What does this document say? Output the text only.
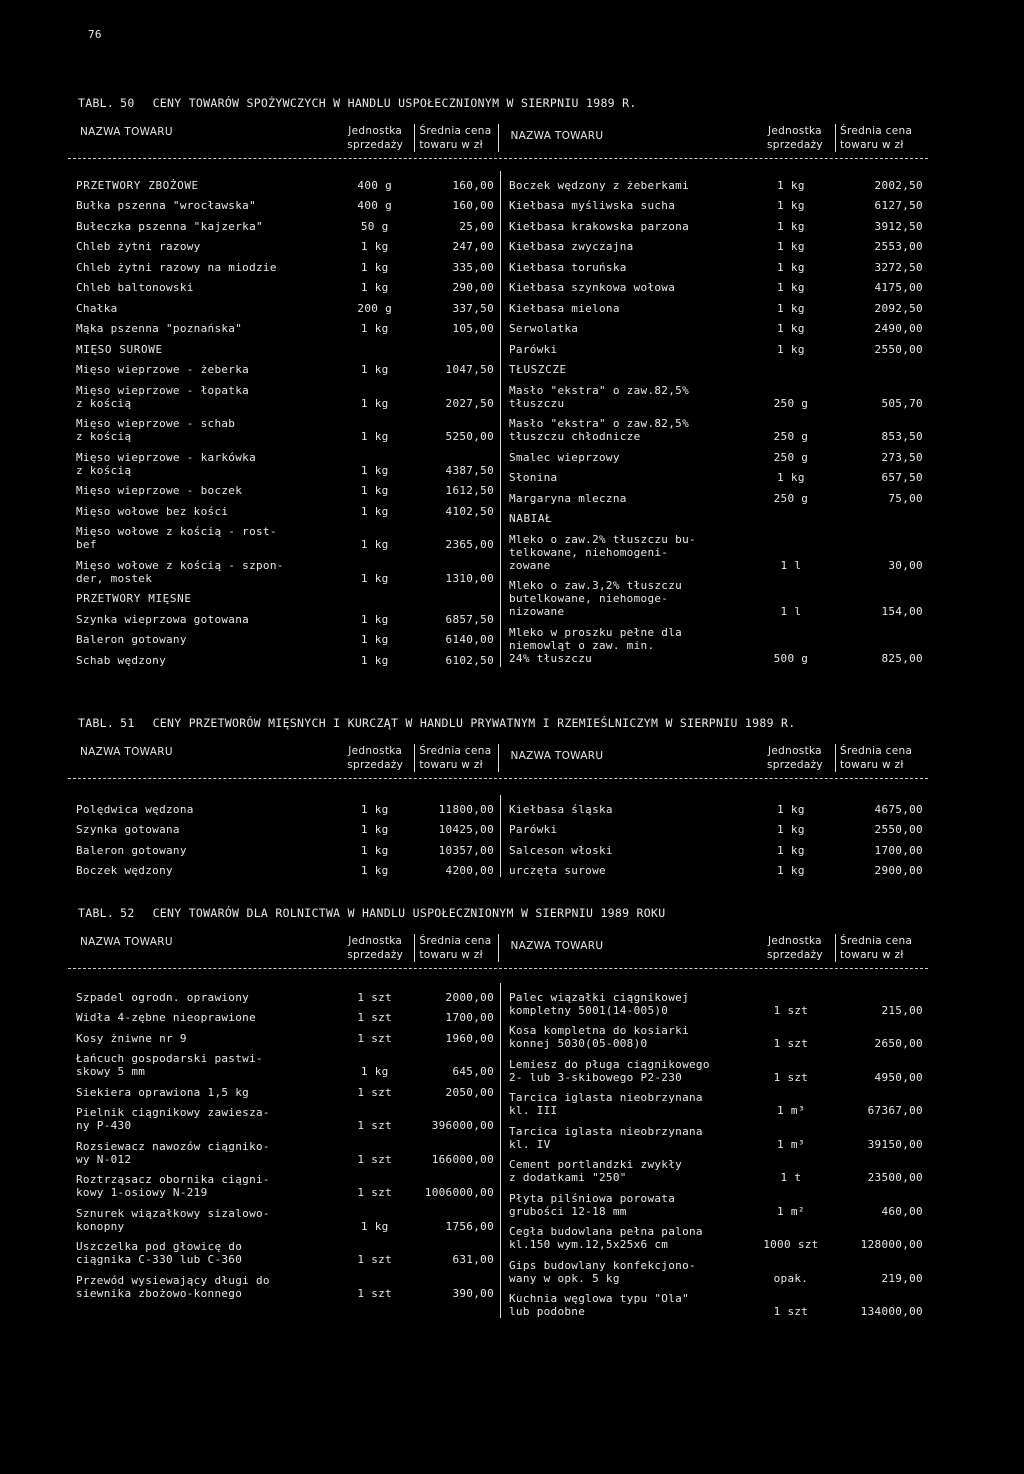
76
TABL. 50 CENY TOWARÓW SPOŻYWCZYCH W HANDLU USPOŁECZNIONYM W SIERPNIU 1989 R.
NAZWA TOWARU	Jednostka sprzedaży
Średnia cena towaru w zł
NAZWA TOWARU	Jednostka sprzedaży
Średnia cena towaru w zł
PRZETWORY ZBOŻOWE	400 g	160,00
Bułka pszenna "wrocławska"	400 g	160,00
Bułeczka pszenna "kajzerka"	50 g	25,00
Chleb żytni razowy	1 kg	247,00
Chleb żytni razowy na miodzie	1 kg	335,00
Chleb baltonowski	1 kg	290,00
Chałka	200 g	337,50
Mąka pszenna "poznańska"	1 kg	105,00
MIĘSO SUROWE
Mięso wieprzowe - żeberka	1 kg	1047,50
Mięso wieprzowe - łopatka
z kością	1 kg	2027,50
Mięso wieprzowe - schab
z kością	1 kg	5250,00
Mięso wieprzowe - karkówka
z kością	1 kg	4387,50
Mięso wieprzowe - boczek	1 kg	1612,50
Mięso wołowe bez kości	1 kg	4102,50
Mięso wołowe z kością - rost-
bef	1 kg	2365,00
Mięso wołowe z kością - szpon-
der, mostek	1 kg	1310,00
PRZETWORY MIĘSNE
Szynka wieprzowa gotowana	1 kg	6857,50
Baleron gotowany	1 kg	6140,00
Schab wędzony	1 kg	6102,50
Boczek wędzony z żeberkami	1 kg	2002,50
Kiełbasa myśliwska sucha	1 kg	6127,50
Kiełbasa krakowska parzona	1 kg	3912,50
Kiełbasa zwyczajna	1 kg	2553,00
Kiełbasa toruńska	1 kg	3272,50
Kiełbasa szynkowa wołowa	1 kg	4175,00
Kiełbasa mielona	1 kg	2092,50
Serwolatka	1 kg	2490,00
Parówki	1 kg	2550,00
TŁUSZCZE
Masło "ekstra" o zaw.82,5%
tłuszczu	250 g	505,70
Masło "ekstra" o zaw.82,5%
tłuszczu chłodnicze	250 g	853,50
Smalec wieprzowy	250 g	273,50
Słonina	1 kg	657,50
Margaryna mleczna	250 g	75,00
NABIAŁ
Mleko o zaw.2% tłuszczu bu-
telkowane, niehomogeni-
zowane	1 l	30,00
Mleko o zaw.3,2% tłuszczu
butelkowane, niehomoge-
nizowane	1 l	154,00
Mleko w proszku pełne dla
niemowląt o zaw. min.
24% tłuszczu	500 g	825,00
TABL. 51 CENY PRZETWORÓW MIĘSNYCH I KURCZĄT W HANDLU PRYWATNYM I RZEMIEŚLNICZYM W SIERPNIU 1989 R.
NAZWA TOWARU	Jednostka sprzedaży
Średnia cena towaru w zł
NAZWA TOWARU	Jednostka sprzedaży
Średnia cena towaru w zł
Polędwica wędzona	1 kg	11800,00
Szynka gotowana	1 kg	10425,00
Baleron gotowany	1 kg	10357,00
Boczek wędzony	1 kg	4200,00
Kiełbasa śląska	1 kg	4675,00
Parówki	1 kg	2550,00
Salceson włoski	1 kg	1700,00
urczęta surowe	1 kg	2900,00
TABL. 52 CENY TOWARÓW DLA ROLNICTWA W HANDLU USPOŁECZNIONYM W SIERPNIU 1989 ROKU
NAZWA TOWARU	Jednostka sprzedaży
Średnia cena towaru w zł
NAZWA TOWARU	Jednostka sprzedaży
Średnia cena towaru w zł
Szpadel ogrodn. oprawiony	1 szt	2000,00
Widła 4-zębne nieoprawione	1 szt	1700,00
Kosy żniwne nr 9	1 szt	1960,00
Łańcuch gospodarski pastwi-
skowy 5 mm	1 kg	645,00
Siekiera oprawiona 1,5 kg	1 szt	2050,00
Pielnik ciągnikowy zawiesza-
ny P-430	1 szt	396000,00
Rozsiewacz nawozów ciągniko-
wy N-012	1 szt	166000,00
Roztrząsacz obornika ciągni-
kowy 1-osiowy N-219	1 szt	1006000,00
Sznurek wiązałkowy sizalowo-
konopny	1 kg	1756,00
Uszczelka pod głowicę do
ciągnika C-330 lub C-360	1 szt	631,00
Przewód wysiewający długi do
siewnika zbożowo-konnego	1 szt	390,00
Palec wiązałki ciągnikowej
kompletny 5001(14-005)0	1 szt	215,00
Kosa kompletna do kosiarki
konnej 5030(05-008)0	1 szt	2650,00
Lemiesz do pługa ciągnikowego
2- lub 3-skibowego P2-230	1 szt	4950,00
Tarcica iglasta nieobrzynana
kl. III	1 m³	67367,00
Tarcica iglasta nieobrzynana
kl. IV	1 m³	39150,00
Cement portlandzki zwykły
z dodatkami "250"	1 t	23500,00
Płyta pilśniowa porowata
grubości 12-18 mm	1 m²	460,00
Cegła budowlana pełna palona
kl.150 wym.12,5x25x6 cm	1000 szt	128000,00
Gips budowlany konfekcjono-
wany w opk. 5 kg	opak.	219,00
Kuchnia węglowa typu "Ola"
lub podobne	1 szt	134000,00
